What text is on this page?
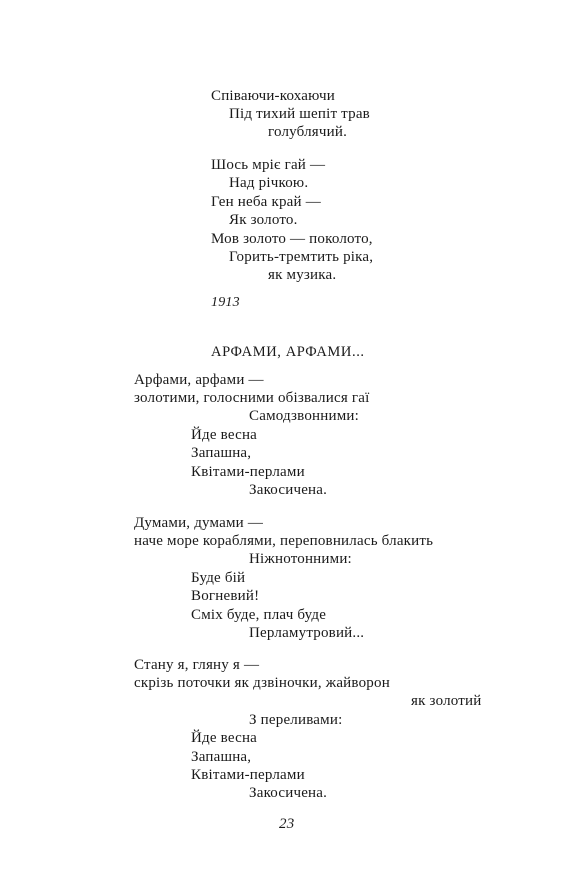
Співаючи-кохаючи
Під тихий шепіт трав
голублячий.
Шось мріє гай —
Над річкою.
Ген неба край —
Як золото.
Мов золото — поколото,
Горить-тремтить ріка,
як музика.
1913
АРФАМИ, АРФАМИ...
Арфами, арфами —
золотими, голосними обізвалися гаї
Самодзвонними:
Йде весна
Запашна,
Квітами-перлами
Закосичена.
Думами, думами —
наче море кораблями, переповнилась блакить
Ніжнотонними:
Буде бій
Вогневий!
Сміх буде, плач буде
Перламутровий...
Стану я, гляну я —
скрізь поточки як дзвіночки, жайворон
як золотий
З переливами:
Йде весна
Запашна,
Квітами-перлами
Закосичена.
23
